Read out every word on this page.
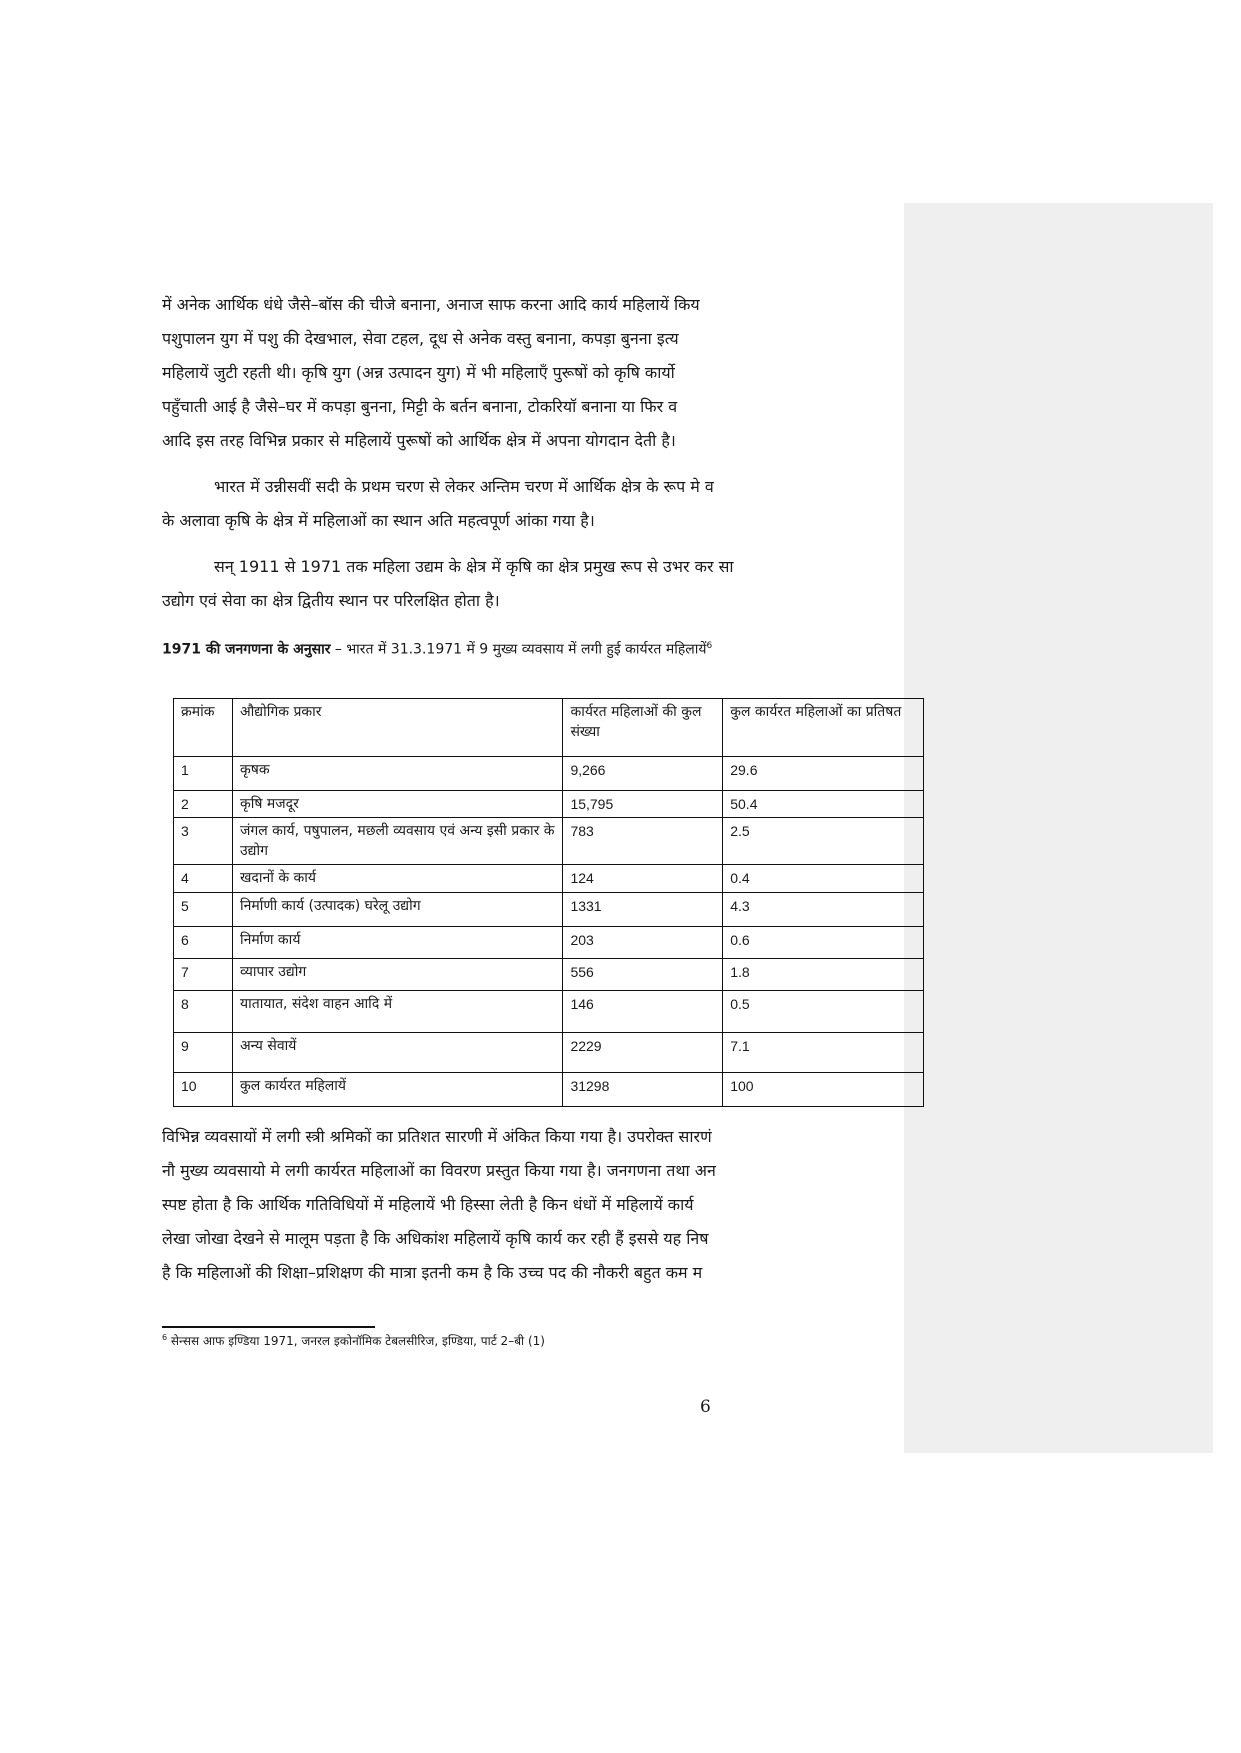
में अनेक आर्थिक धंधे जैसे–बॉस की चीजे बनाना, अनाज साफ करना आदि कार्य महिलायें किय
पशुपालन युग में पशु की देखभाल, सेवा टहल, दूध से अनेक वस्तु बनाना, कपड़ा बुनना इत्य
महिलायें जुटी रहती थी। कृषि युग (अन्न उत्पादन युग) में भी महिलाएँ पुरूषों को कृषि कार्यो
पहुँचाती आई है जैसे–घर में कपड़ा बुनना, मिट्टी के बर्तन बनाना, टोकरियॉ बनाना या फिर व
आदि इस तरह विभिन्न प्रकार से महिलायें पुरूषों को आर्थिक क्षेत्र में अपना योगदान देती है।

भारत में उन्नीसवीं सदी के प्रथम चरण से लेकर अन्तिम चरण में आर्थिक क्षेत्र के रूप मे व
के अलावा कृषि के क्षेत्र में महिलाओं का स्थान अति महत्वपूर्ण आंका गया है।

सन् 1911 से 1971 तक महिला उद्यम के क्षेत्र में कृषि का क्षेत्र प्रमुख रूप से उभर कर सा
उद्योग एवं सेवा का क्षेत्र द्वितीय स्थान पर परिलक्षित होता है।

1971 की जनगणना के अनुसार – भारत में 31.3.1971 में 9 मुख्य व्यवसाय में लगी हुई कार्यरत महिलायें$^6$
क्रमांक	औद्योगिक प्रकार	कार्यरत महिलाओं की कुल संख्या	कुल कार्यरत महिलाओं का प्रतिषत
1	कृषक	9,266	29.6
2	कृषि मजदूर	15,795	50.4
3	जंगल कार्य, पषुपालन, मछली व्यवसाय एवं अन्य इसी प्रकार के उद्योग	783	2.5
4	खदानों के कार्य	124	0.4
5	निर्माणी कार्य (उत्पादक) घरेलू उद्योग	1331	4.3
6	निर्माण कार्य	203	0.6
7	व्यापार उद्योग	556	1.8
8	यातायात, संदेश वाहन आदि में	146	0.5
9	अन्य सेवायें	2229	7.1
10	कुल कार्यरत महिलायें	31298	100

विभिन्न व्यवसायों में लगी स्त्री श्रमिकों का प्रतिशत सारणी में अंकित किया गया है। उपरोक्त सारणं
नौ मुख्य व्यवसायो मे लगी कार्यरत महिलाओं का विवरण प्रस्तुत किया गया है। जनगणना तथा अन
स्पष्ट होता है कि आर्थिक गतिविधियों में महिलायें भी हिस्सा लेती है किन धंधों में महिलायें कार्य
लेखा जोखा देखने से मालूम पड़ता है कि अधिकांश महिलायें कृषि कार्य कर रही हैं इससे यह निष
है कि महिलाओं की शिक्षा–प्रशिक्षण की मात्रा इतनी कम है कि उच्च पद की नौकरी बहुत कम म

$^6$ सेन्सस आफ इण्डिया 1971, जनरल इकोनॉमिक टेबलसीरिज, इण्डिया, पार्ट 2–बी (1)
6
